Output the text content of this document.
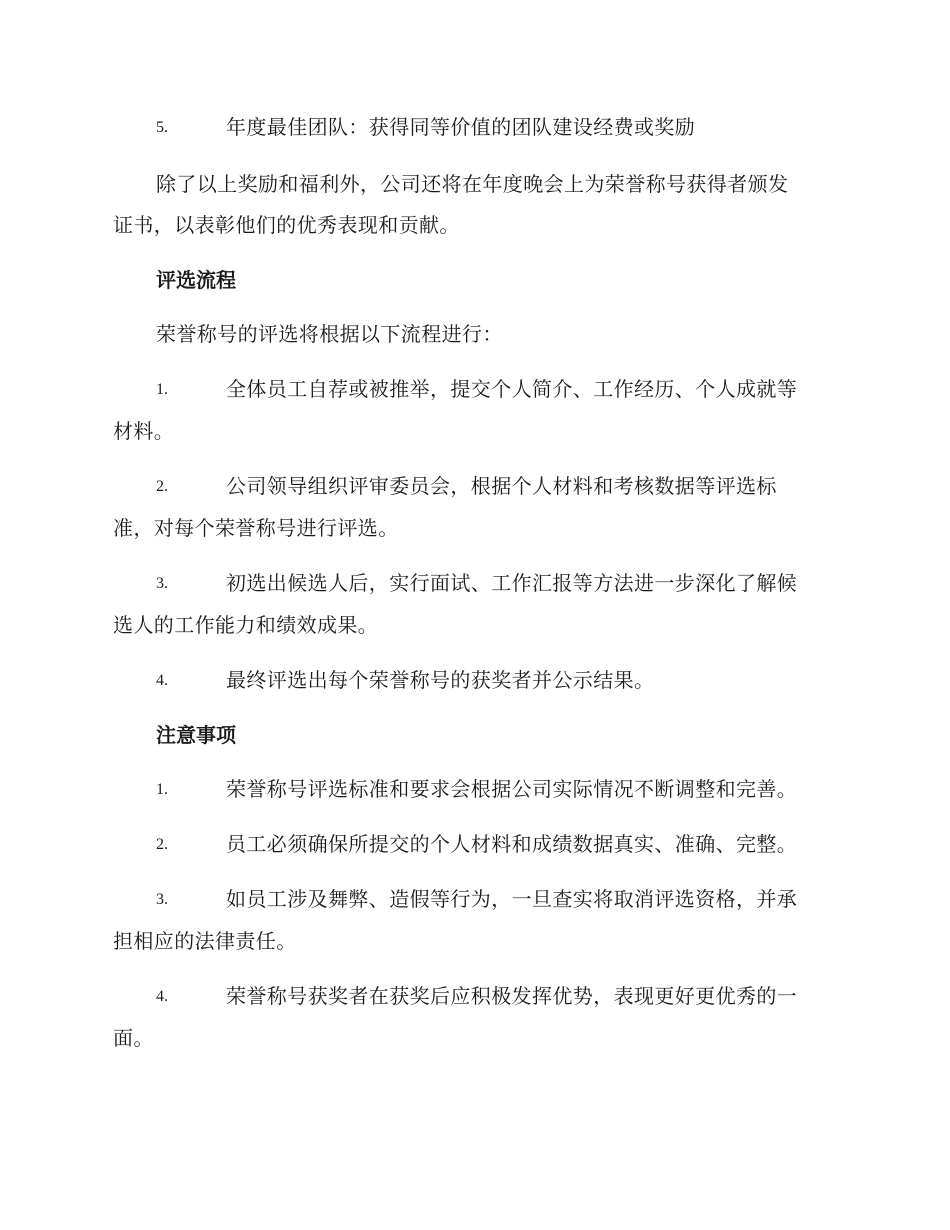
5.	年度最佳团队：获得同等价值的团队建设经费或奖励
除了以上奖励和福利外，公司还将在年度晚会上为荣誉称号获得者颁发
证书，以表彰他们的优秀表现和贡献。
评选流程
荣誉称号的评选将根据以下流程进行：
1.	全体员工自荐或被推举，提交个人简介、工作经历、个人成就等
材料。
2.	公司领导组织评审委员会，根据个人材料和考核数据等评选标
准，对每个荣誉称号进行评选。
3.	初选出候选人后，实行面试、工作汇报等方法进一步深化了解候
选人的工作能力和绩效成果。
4.	最终评选出每个荣誉称号的获奖者并公示结果。
注意事项
1.	荣誉称号评选标准和要求会根据公司实际情况不断调整和完善。
2.	员工必须确保所提交的个人材料和成绩数据真实、准确、完整。
3.	如员工涉及舞弊、造假等行为，一旦查实将取消评选资格，并承
担相应的法律责任。
4.	荣誉称号获奖者在获奖后应积极发挥优势，表现更好更优秀的一
面。
